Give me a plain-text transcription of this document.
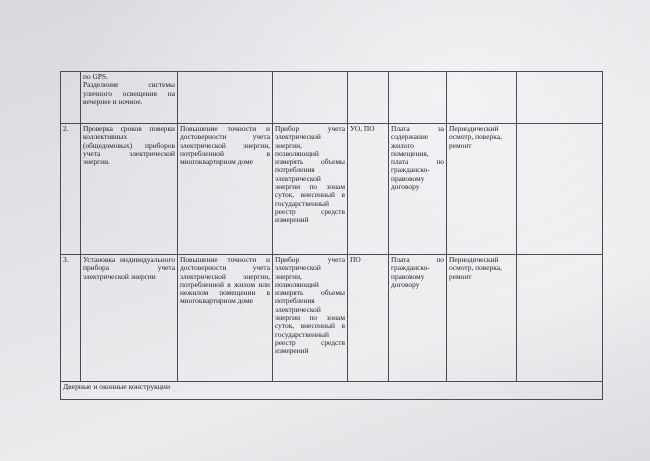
	по GPS.
Разделение системы уличного освещения на вечернее и ночное.						
2.	Проверка сроков поверки коллективных (общедомовых) приборов учета электрической энергии.	Повышение точности и достоверности учета электрической энергии, потребленной в многоквартирном доме	Прибор учета электрической энергии, позволяющий измерять объемы потребления электрической энергии по зонам суток, внесенный в государственный реестр средств измерений	УО, ПО	Плата за содержание жилого помещения, плата по гражданско-правовому договору	Периодический осмотр, поверка, ремонт	
3.	Установка индивидуального прибора учета электрической энергии	Повышение точности и достоверности учета электрической энергии, потребленной в жилом или нежилом помещении в многоквартирном доме	Прибор учета электрической энергии, позволяющий измерять объемы потребления электрической энергии по зонам суток, внесенный в государственный реестр средств измерений	ПО	Плата по гражданско-правовому договору	Периодический осмотр, поверка, ремонт	
Дверные и оконные конструкции							
